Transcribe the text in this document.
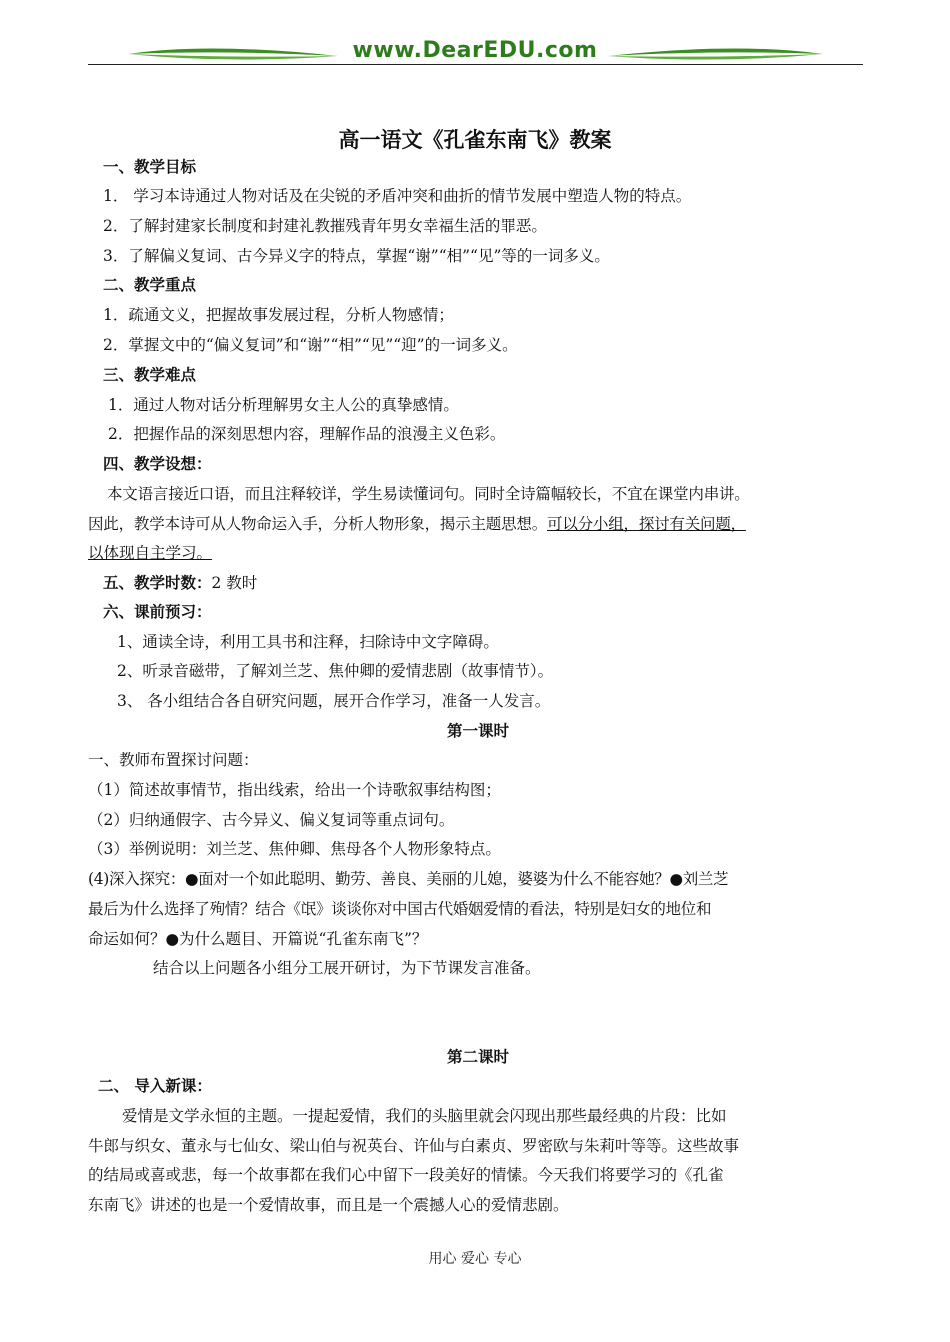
www.DearEDU.com
高一语文《孔雀东南飞》教案
一、教学目标
1． 学习本诗通过人物对话及在尖锐的矛盾冲突和曲折的情节发展中塑造人物的特点。
2．了解封建家长制度和封建礼教摧残青年男女幸福生活的罪恶。
3．了解偏义复词、古今异义字的特点，掌握“谢”“相”“见”等的一词多义。
二、教学重点
1．疏通文义，把握故事发展过程，分析人物感情；
2．掌握文中的“偏义复词”和“谢”“相”“见”“迎”的一词多义。
三、教学难点
1．通过人物对话分析理解男女主人公的真挚感情。
2．把握作品的深刻思想内容，理解作品的浪漫主义色彩。
四、教学设想：
本文语言接近口语，而且注释较详，学生易读懂词句。同时全诗篇幅较长，不宜在课堂内串讲。
因此，教学本诗可从人物命运入手，分析人物形象，揭示主题思想。可以分小组，探讨有关问题，
以体现自主学习。
五、教学时数：2 教时
六、课前预习：
1、通读全诗，利用工具书和注释，扫除诗中文字障碍。
2、听录音磁带，了解刘兰芝、焦仲卿的爱情悲剧（故事情节）。
3、 各小组结合各自研究问题，展开合作学习，准备一人发言。
第一课时
一、教师布置探讨问题：
（1）简述故事情节，指出线索，给出一个诗歌叙事结构图；
（2）归纳通假字、古今异义、偏义复词等重点词句。
（3）举例说明：刘兰芝、焦仲卿、焦母各个人物形象特点。
(4)深入探究：●面对一个如此聪明、勤劳、善良、美丽的儿媳，婆婆为什么不能容她？●刘兰芝
最后为什么选择了殉情？结合《氓》谈谈你对中国古代婚姻爱情的看法，特别是妇女的地位和
命运如何？●为什么题目、开篇说“孔雀东南飞”？
结合以上问题各小组分工展开研讨，为下节课发言准备。
第二课时
二、 导入新课：
爱情是文学永恒的主题。一提起爱情，我们的头脑里就会闪现出那些最经典的片段：比如
牛郎与织女、董永与七仙女、梁山伯与祝英台、许仙与白素贞、罗密欧与朱莉叶等等。这些故事
的结局或喜或悲，每一个故事都在我们心中留下一段美好的情愫。今天我们将要学习的《孔雀
东南飞》讲述的也是一个爱情故事，而且是一个震撼人心的爱情悲剧。
用心 爱心 专心
